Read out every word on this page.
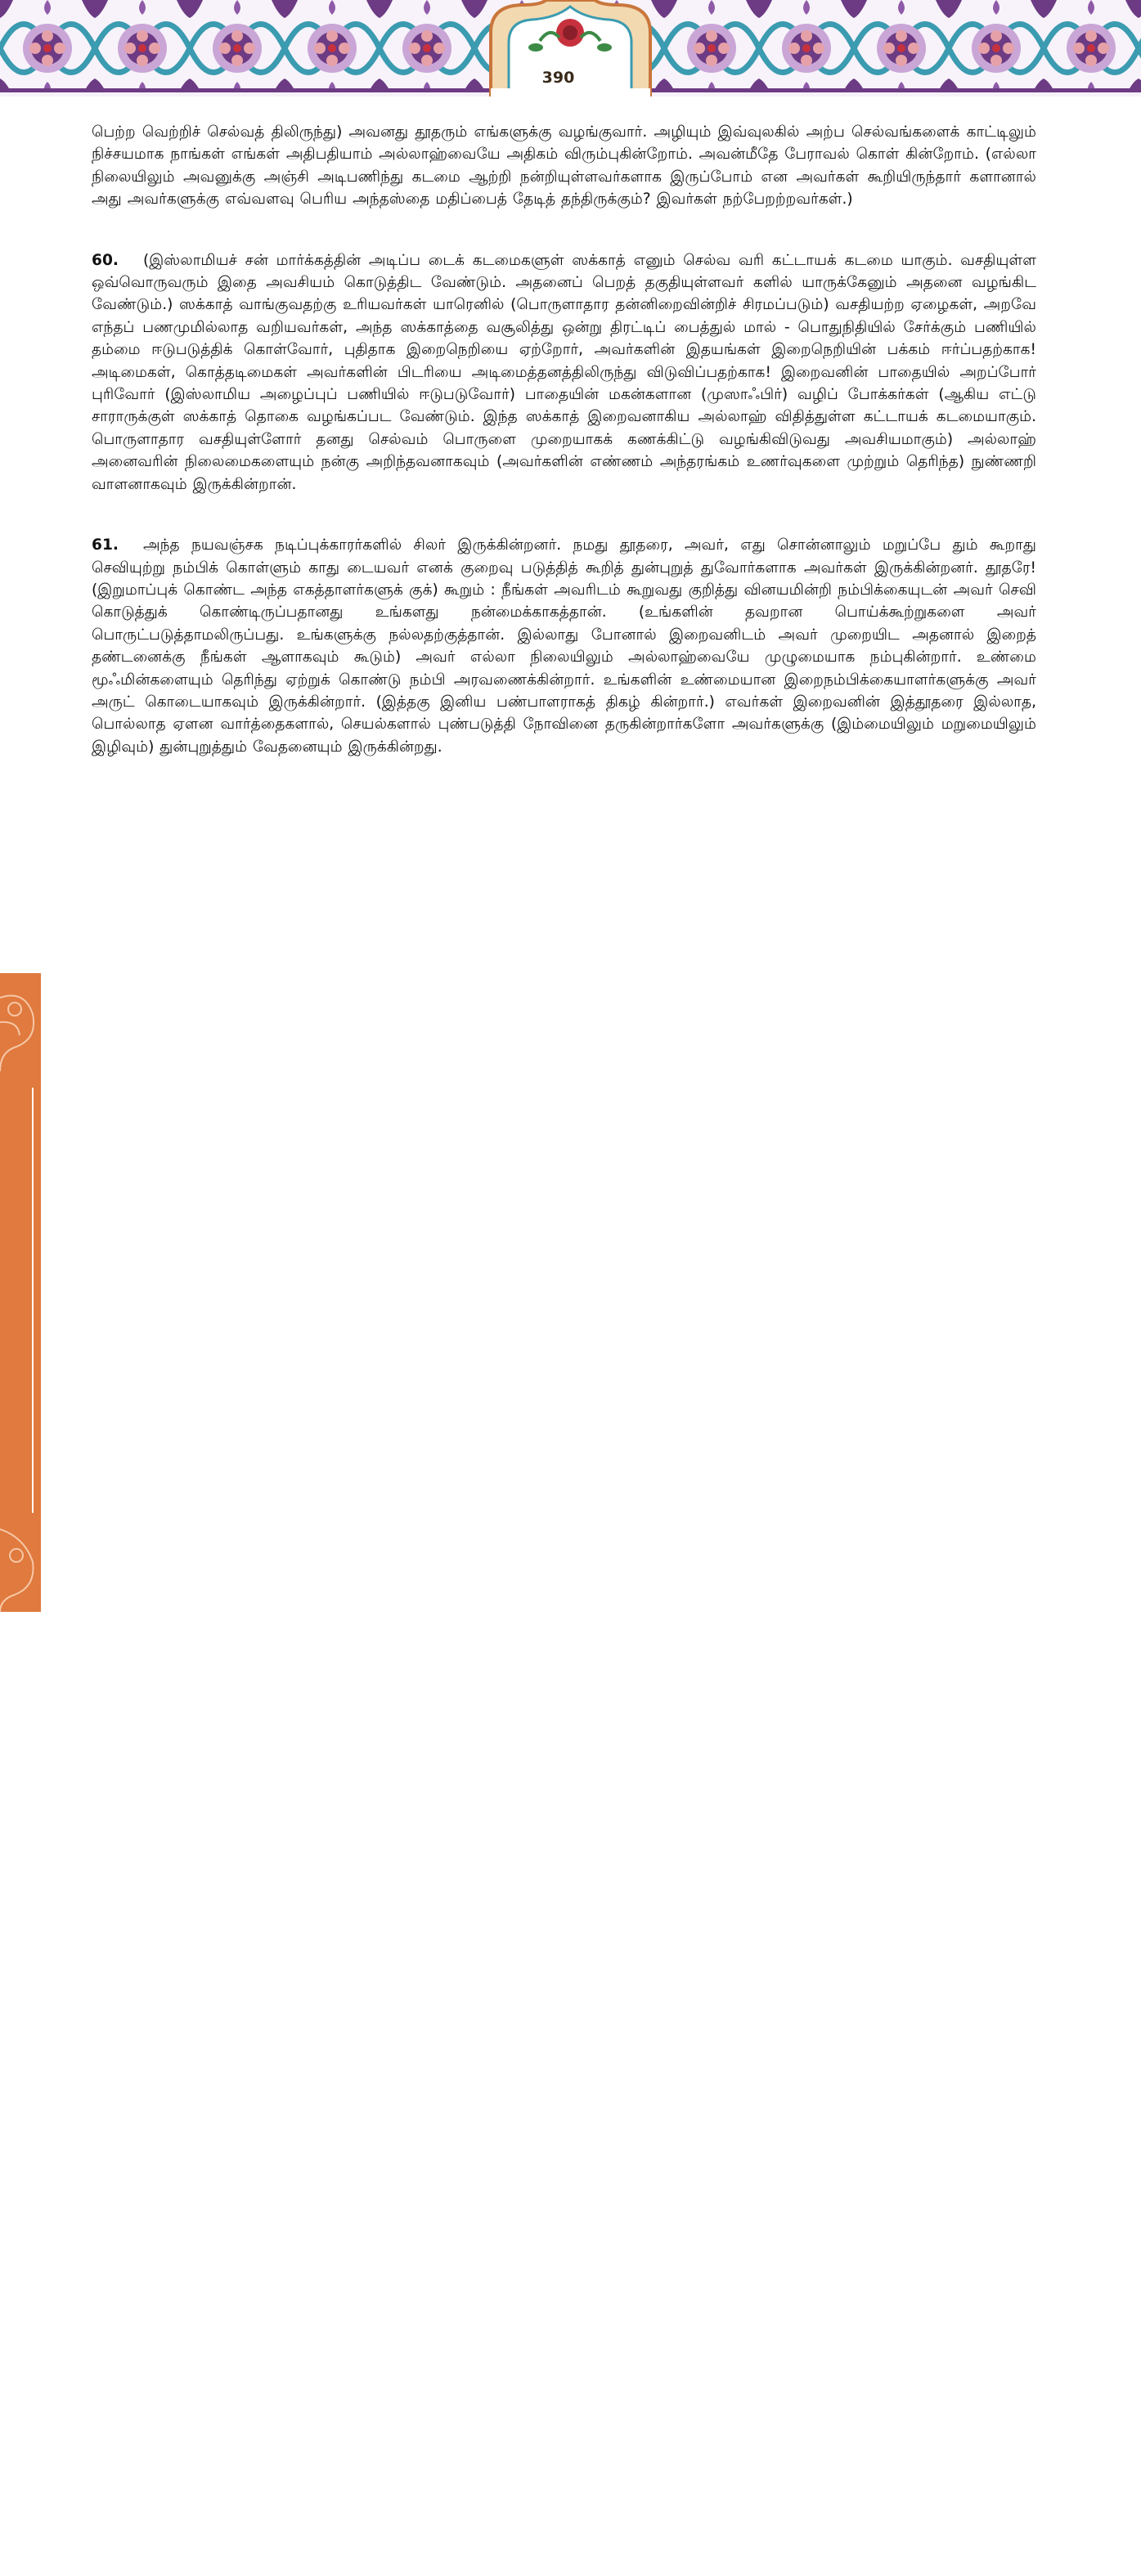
390
அதிகாரம் 10 | 9 • அத் தவ்பா

பெற்ற வெற்றிச் செல்வத் திலிருந்து) அவனது தூதரும் எங்களுக்கு வழங்குவார். அழியும் இவ்வுலகில் அற்ப செல்வங்களைக் காட்டிலும் நிச்சயமாக நாங்கள் எங்கள் அதிபதியாம் அல்லாஹ்வையே அதிகம் விரும்புகின்றோம். அவன்மீதே பேராவல் கொள் கின்றோம். (எல்லா நிலையிலும் அவனுக்கு அஞ்சி அடிபணிந்து கடமை ஆற்றி நன்றியுள்ளவர்களாக இருப்போம் என அவர்கள் கூறியிருந்தார் களானால் அது அவர்களுக்கு எவ்வளவு பெரிய அந்தஸ்தை மதிப்பைத் தேடித் தந்திருக்கும்? இவர்கள் நற்பேறற்றவர்கள்.)

60. (இஸ்லாமியச் சன் மார்க்கத்தின் அடிப்ப டைக் கடமைகளுள் ஸக்காத் எனும் செல்வ வரி கட்டாயக் கடமை யாகும். வசதியுள்ள ஒவ்வொருவரும் இதை அவசியம் கொடுத்திட வேண்டும். அதனைப் பெறத் தகுதியுள்ளவர் களில் யாருக்கேனும் அதனை வழங்கிட வேண்டும்.) ஸக்காத் வாங்குவதற்கு உரியவர்கள் யாரெனில் (பொருளாதார தன்னிறைவின்றிச் சிரமப்படும்) வசதியற்ற ஏழைகள், அறவே எந்தப் பணமுமில்லாத வறியவர்கள், அந்த ஸக்காத்தை வசூலித்து ஒன்று திரட்டிப் பைத்துல் மால் - பொதுநிதியில் சேர்க்கும் பணியில் தம்மை ஈடுபடுத்திக் கொள்வோர், புதிதாக இறைநெறியை ஏற்றோர், அவர்களின் இதயங்கள் இறைநெறியின் பக்கம் ஈர்ப்பதற்காக! அடிமைகள், கொத்தடிமைகள் அவர்களின் பிடரியை அடிமைத்தனத்திலிருந்து விடுவிப்பதற்காக! இறைவனின் பாதையில் அறப்போர் புரிவோர் (இஸ்லாமிய அழைப்புப் பணியில் ஈடுபடுவோர்) பாதையின் மகன்களான (முஸாஃபிர்) வழிப் போக்கர்கள் (ஆகிய எட்டு சாராருக்குள் ஸக்காத் தொகை வழங்கப்பட வேண்டும். இந்த ஸக்காத் இறைவனாகிய அல்லாஹ் விதித்துள்ள கட்டாயக் கடமையாகும். பொருளாதார வசதியுள்ளோர் தனது செல்வம் பொருளை முறையாகக் கணக்கிட்டு வழங்கிவிடுவது அவசியமாகும்) அல்லாஹ் அனைவரின் நிலைமைகளையும் நன்கு அறிந்தவனாகவும் (அவர்களின் எண்ணம் அந்தரங்கம் உணர்வுகளை முற்றும் தெரிந்த) நுண்ணறி வாளனாகவும் இருக்கின்றான்.

61. அந்த நயவஞ்சக நடிப்புக்காரர்களில் சிலர் இருக்கின்றனர். நமது தூதரை, அவர், எது சொன்னாலும் மறுப்பே தும் கூறாது செவியுற்று நம்பிக் கொள்ளும் காது டையவர் எனக் குறைவு படுத்தித் கூறித் துன்புறுத் துவோர்களாக அவர்கள் இருக்கின்றனர். தூதரே! (இறுமாப்புக் கொண்ட அந்த எகத்தாளர்களுக் குக்) கூறும் : நீங்கள் அவரிடம் கூறுவது குறித்து வினயமின்றி நம்பிக்கையுடன் அவர் செவி கொடுத்துக் கொண்டிருப்பதானது உங்களது நன்மைக்காகத்தான். (உங்களின் தவறான பொய்க்கூற்றுகளை அவர் பொருட்படுத்தாமலிருப்பது. உங்களுக்கு நல்லதற்குத்தான். இல்லாது போனால் இறைவனிடம் அவர் முறையிட அதனால் இறைத் தண்டனைக்கு நீங்கள் ஆளாகவும் கூடும்) அவர் எல்லா நிலையிலும் அல்லாஹ்வையே முழுமையாக நம்புகின்றார். உண்மை மூஃமின்களையும் தெரிந்து ஏற்றுக் கொண்டு நம்பி அரவணைக்கின்றார். உங்களின் உண்மையான இறைநம்பிக்கையாளர்களுக்கு அவர் அருட் கொடையாகவும் இருக்கின்றார். (இத்தகு இனிய பண்பாளராகத் திகழ் கின்றார்.) எவர்கள் இறைவனின் இத்தூதரை இல்லாத, பொல்லாத ஏளன வார்த்தைகளால், செயல்களால் புண்படுத்தி நோவினை தருகின்றார்களோ அவர்களுக்கு (இம்மையிலும் மறுமையிலும் இழிவும்) துன்புறுத்தும் வேதனையும் இருக்கின்றது.
